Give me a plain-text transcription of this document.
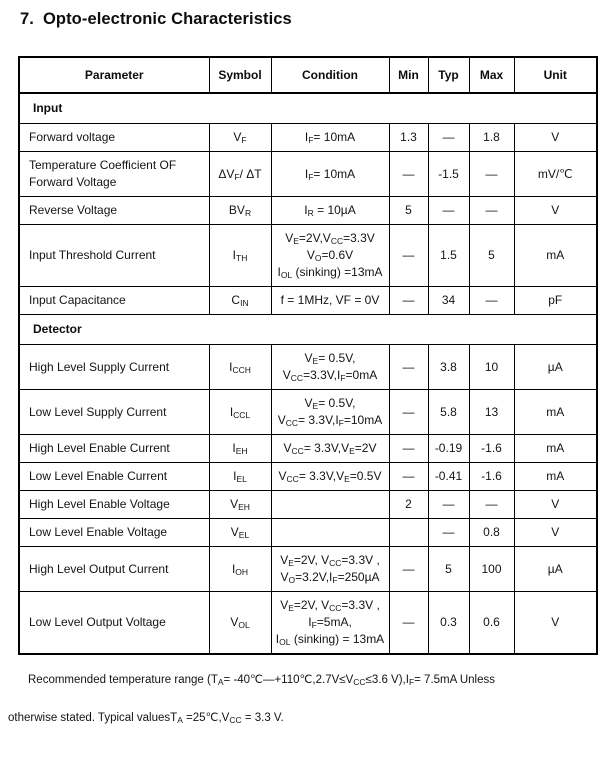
7. Opto-electronic Characteristics
Parameter	Symbol	Condition	Min	Typ	Max	Unit
Input						
Forward voltage	$V_F$	$I_F= 10mA$	1.3	—	1.8	V
Temperature Coefficient OF Forward Voltage	$\Delta V_F/$ ΔT	$I_F= 10mA$	—	-1.5	—	mV/℃
Reverse Voltage	$BV_R$	$I_R = 10\mu A$	5	—	—	V
Input Threshold Current	$I_{TH}$	$V_E=2V,V_{CC}=3.3V$
$V_O=0.6V$
$I_{OL}$ (sinking) =13mA	—	1.5	5	mA
Input Capacitance	$C_{IN}$	f = 1MHz, VF = 0V	—	34	—	pF
Detector						
High Level Supply Current	$I_{CCH}$	$V_E= 0.5V$,
$V_{CC}=3.3V,I_F=0mA$	—	3.8	10	µA
Low Level Supply Current	$I_{CCL}$	$V_E= 0.5V$,
$V_{CC}= 3.3V,I_F=10mA$	—	5.8	13	mA
High Level Enable Current	$I_{EH}$	$V_{CC}= 3.3V,V_E=2V$	—	-0.19	-1.6	mA
Low Level Enable Current	$I_{EL}$	$V_{CC}= 3.3V,V_E=0.5V$	—	-0.41	-1.6	mA
High Level Enable Voltage	$V_{EH}$		2	—	—	V
Low Level Enable Voltage	$V_{EL}$			—	0.8	V
High Level Output Current	$I_{OH}$	$V_E=2V$, $V_{CC}=3.3V$ ,
$V_O=3.2V,I_F=250\mu A$	—	5	100	µA
Low Level Output Voltage	$V_{OL}$	$V_E=2V$, $V_{CC}=3.3V$ ,
$I_F=5mA$,
$I_{OL}$ (sinking) = 13mA	—	0.3	0.6	V

Recommended temperature range ($T_A=$ $-40℃—+110℃,2.7V\le V_{CC}\le 3.6$ $V),I_F= 7.5mA$ Unless

otherwise stated. Typical valuesT$_A$ $=25℃,V_{CC} = 3.3$ V.
